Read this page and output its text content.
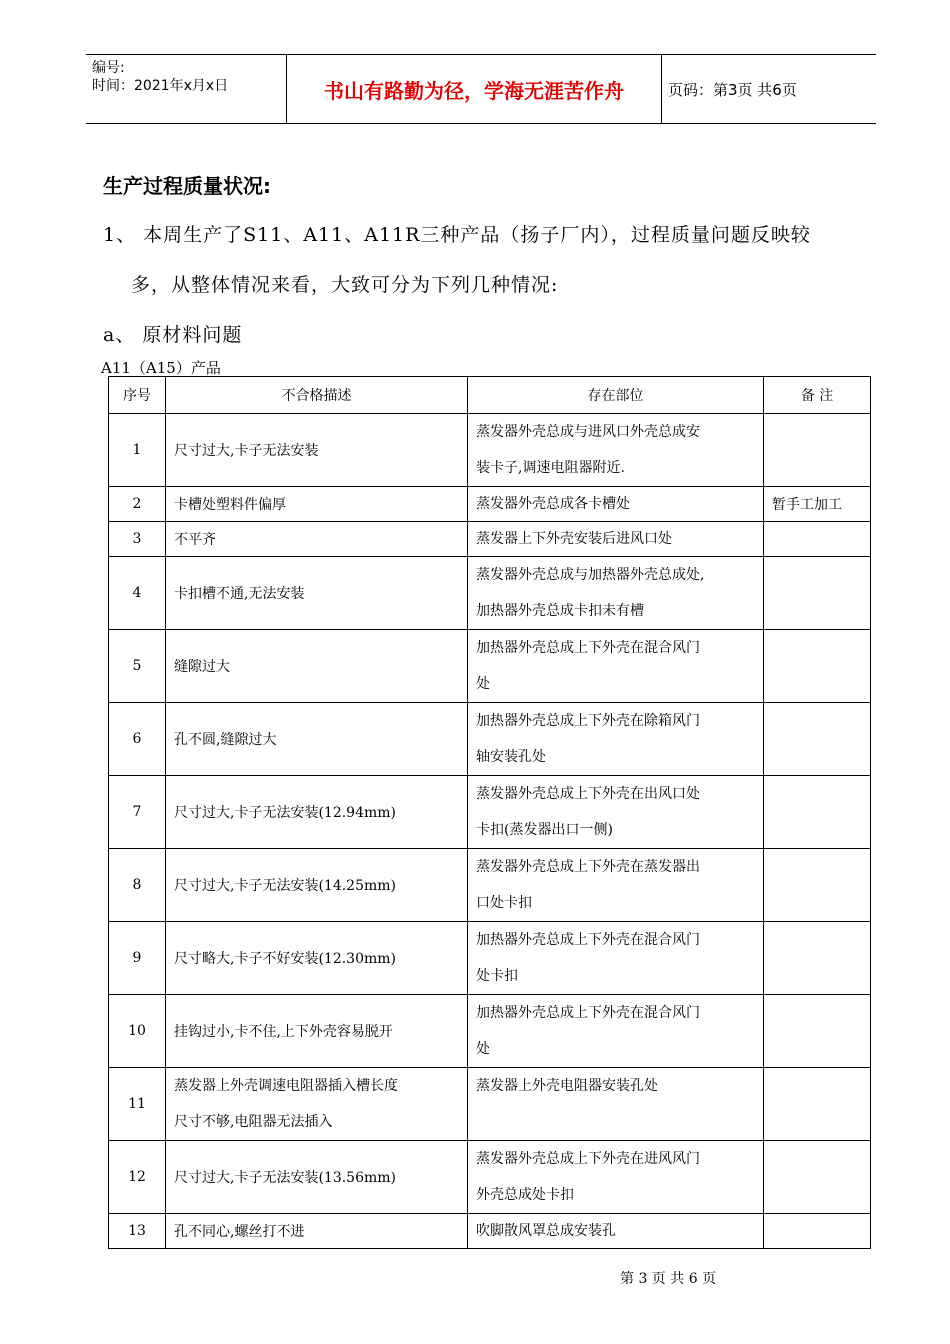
编号:
时间：2021年x月x日	书山有路勤为径，学海无涯苦作舟	页码：第3页 共6页
生产过程质量状况:
1、 本周生产了S11、A11、A11R三种产品（扬子厂内），过程质量问题反映较
多，从整体情况来看，大致可分为下列几种情况:
a、 原材料问题
A11（A15）产品
序号	不合格描述	存在部位	备 注
1	尺寸过大,卡子无法安装	蒸发器外壳总成与进风口外壳总成安
装卡子,调速电阻器附近.	

2	卡槽处塑料件偏厚	蒸发器外壳总成各卡槽处	暂手工加工
3	不平齐	蒸发器上下外壳安装后进风口处	
4	卡扣槽不通,无法安装	蒸发器外壳总成与加热器外壳总成处,
加热器外壳总成卡扣未有槽	

5	缝隙过大	加热器外壳总成上下外壳在混合风门
处	

6	孔不圆,缝隙过大	加热器外壳总成上下外壳在除箱风门
轴安装孔处	

7	尺寸过大,卡子无法安装(12.94mm)	蒸发器外壳总成上下外壳在出风口处
卡扣(蒸发器出口一侧)	

8	尺寸过大,卡子无法安装(14.25mm)	蒸发器外壳总成上下外壳在蒸发器出
口处卡扣	

9	尺寸略大,卡子不好安装(12.30mm)	加热器外壳总成上下外壳在混合风门
处卡扣	

10	挂钩过小,卡不住,上下外壳容易脱开	加热器外壳总成上下外壳在混合风门
处	

11	蒸发器上外壳调速电阻器插入槽长度
尺寸不够,电阻器无法插入	蒸发器上外壳电阻器安装孔处	

12	尺寸过大,卡子无法安装(13.56mm)	蒸发器外壳总成上下外壳在进风风门
外壳总成处卡扣	

13	孔不同心,螺丝打不进	吹脚散风罩总成安装孔	
第 3 页 共 6 页
